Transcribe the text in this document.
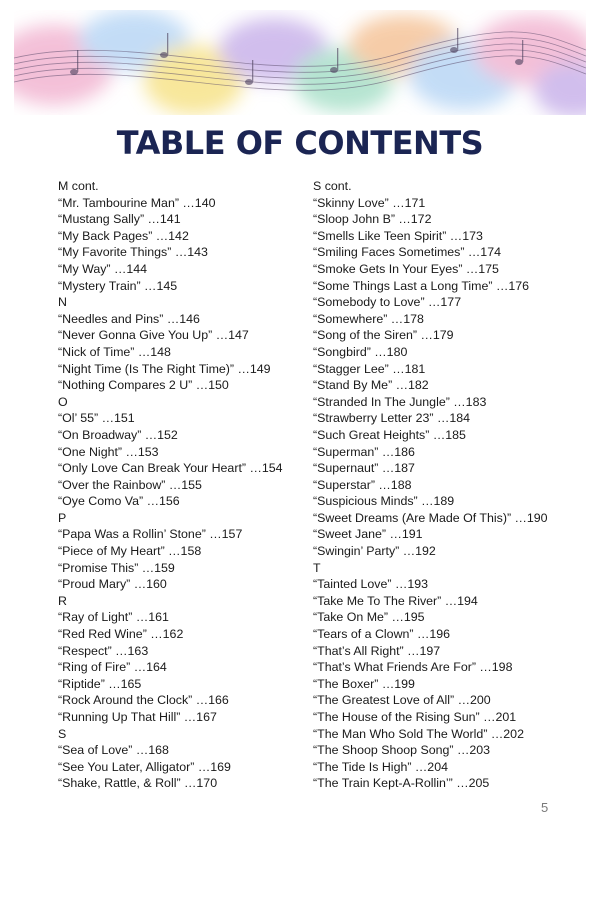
TABLE OF CONTENTS
M cont.
“Mr. Tambourine Man” …140
“Mustang Sally” …141
“My Back Pages” …142
“My Favorite Things” …143
“My Way” …144
“Mystery Train” …145
N
“Needles and Pins” …146
“Never Gonna Give You Up” …147
“Nick of Time” …148
“Night Time (Is The Right Time)” …149
“Nothing Compares 2 U” …150
O
“Ol’ 55” …151
“On Broadway” …152
“One Night” …153
“Only Love Can Break Your Heart” …154
“Over the Rainbow” …155
“Oye Como Va” …156
P
“Papa Was a Rollin’ Stone” …157
“Piece of My Heart” …158
“Promise This” …159
“Proud Mary” …160
R
“Ray of Light” …161
“Red Red Wine” …162
“Respect” …163
“Ring of Fire” …164
“Riptide” …165
“Rock Around the Clock” …166
“Running Up That Hill” …167
S
“Sea of Love” …168
“See You Later, Alligator” …169
“Shake, Rattle, & Roll” …170
S cont.
“Skinny Love” …171
“Sloop John B” …172
“Smells Like Teen Spirit” …173
“Smiling Faces Sometimes” …174
“Smoke Gets In Your Eyes” …175
“Some Things Last a Long Time” …176
“Somebody to Love” …177
“Somewhere” …178
“Song of the Siren” …179
“Songbird” …180
“Stagger Lee” …181
“Stand By Me” …182
“Stranded In The Jungle” …183
“Strawberry Letter 23” …184
“Such Great Heights” …185
“Superman” …186
“Supernaut” …187
“Superstar” …188
“Suspicious Minds” …189
“Sweet Dreams (Are Made Of This)” …190
“Sweet Jane” …191
“Swingin’ Party” …192
T
“Tainted Love” …193
“Take Me To The River” …194
“Take On Me” …195
“Tears of a Clown” …196
“That’s All Right” …197
“That’s What Friends Are For” …198
“The Boxer” …199
“The Greatest Love of All” …200
“The House of the Rising Sun” …201
“The Man Who Sold The World” …202
“The Shoop Shoop Song” …203
“The Tide Is High” …204
“The Train Kept-A-Rollin’” …205
5
